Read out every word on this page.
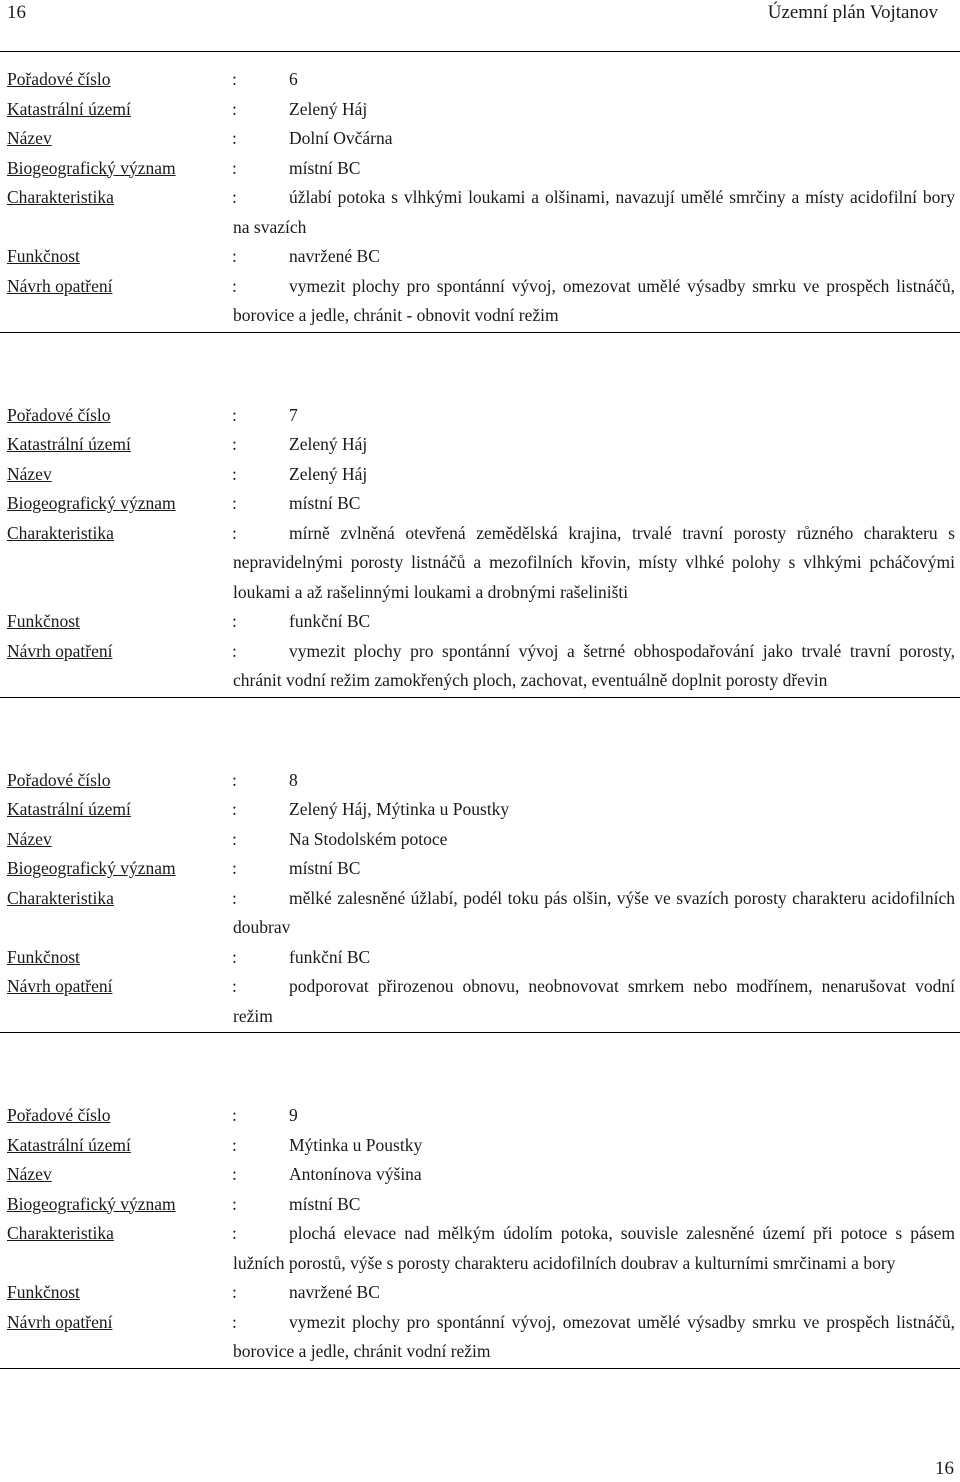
16	Územní plán Vojtanov
Pořadové číslo	:	6
Katastrální území	:	Zelený Háj
Název	:	Dolní Ovčárna
Biogeografický význam	:	místní BC
Charakteristika	:	úžlabí potoka s vlhkými loukami a olšinami, navazují umělé smrčiny a místy acidofilní bory na svazích
Funkčnost	:	navržené BC
Návrh opatření	:	vymezit plochy pro spontánní vývoj, omezovat umělé výsadby smrku ve prospěch listnáčů, borovice a jedle, chránit - obnovit vodní režim
Pořadové číslo	:	7
Katastrální území	:	Zelený Háj
Název	:	Zelený Háj
Biogeografický význam	:	místní BC
Charakteristika	:	mírně zvlněná otevřená zemědělská krajina, trvalé travní porosty různého charakteru s nepravidelnými porosty listnáčů a mezofilních křovin, místy vlhké polohy s vlhkými pcháčovými loukami a až rašelinnými loukami a drobnými rašeliništi
Funkčnost	:	funkční BC
Návrh opatření	:	vymezit plochy pro spontánní vývoj a šetrné obhospodařování jako trvalé travní porosty, chránit vodní režim zamokřených ploch, zachovat, eventuálně doplnit porosty dřevin
Pořadové číslo	:	8
Katastrální území	:	Zelený Háj, Mýtinka u Poustky
Název	:	Na Stodolském potoce
Biogeografický význam	:	místní BC
Charakteristika	:	mělké zalesněné úžlabí, podél toku pás olšin, výše ve svazích porosty charakteru acidofilních doubrav
Funkčnost	:	funkční BC
Návrh opatření	:	podporovat přirozenou obnovu, neobnovovat smrkem nebo modřínem, nenarušovat vodní režim
Pořadové číslo	:	9
Katastrální území	:	Mýtinka u Poustky
Název	:	Antonínova výšina
Biogeografický význam	:	místní BC
Charakteristika	:	plochá elevace nad mělkým údolím potoka, souvisle zalesněné území při potoce s pásem lužních porostů, výše s porosty charakteru acidofilních doubrav a kulturními smrčinami a bory
Funkčnost	:	navržené BC
Návrh opatření	:	vymezit plochy pro spontánní vývoj, omezovat umělé výsadby smrku ve prospěch listnáčů, borovice a jedle, chránit vodní režim
16
